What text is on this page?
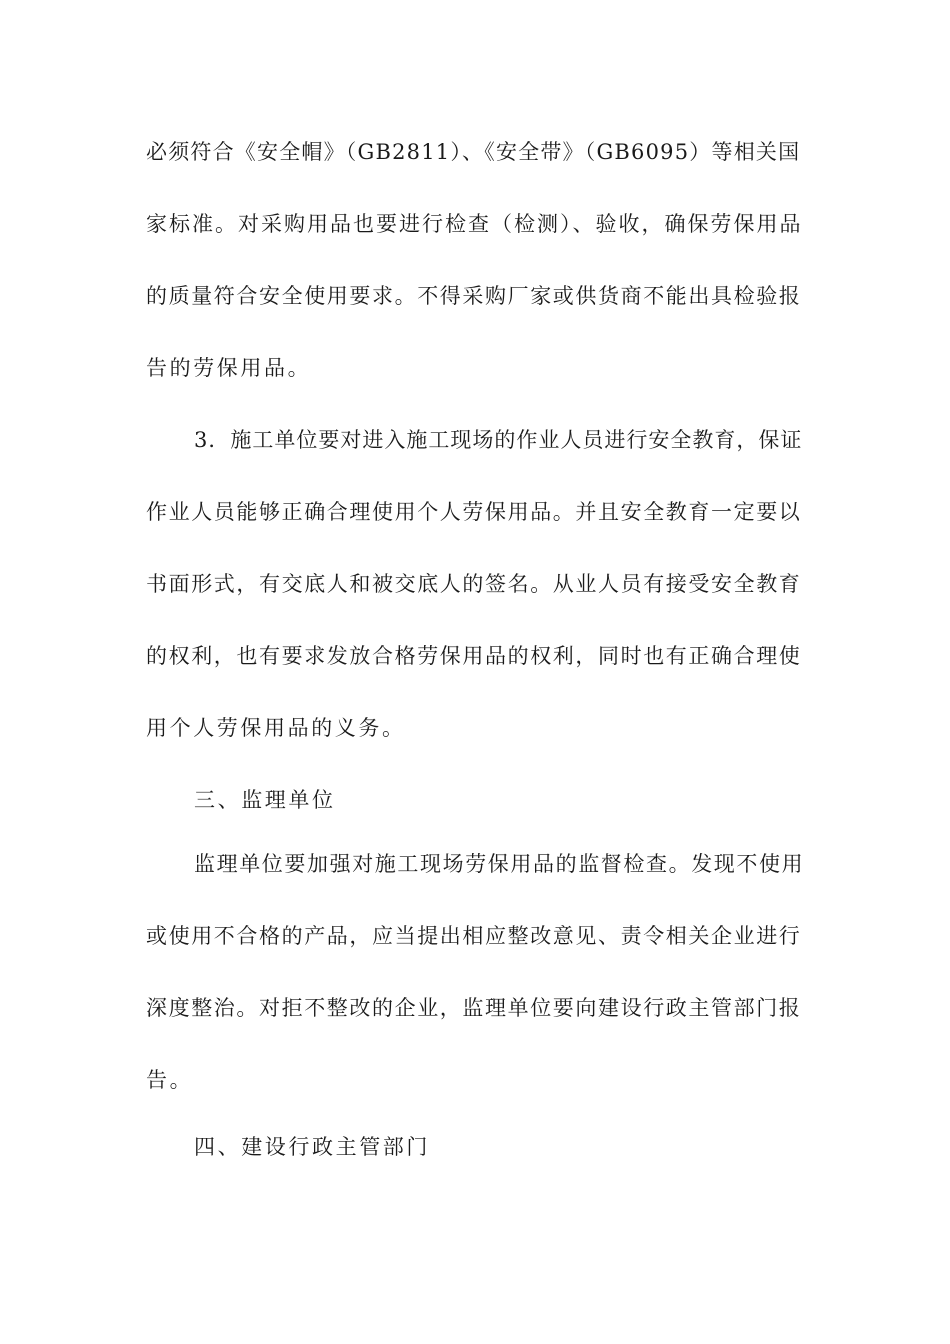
必须符合《安全帽》（GB2811）、《安全带》（GB6095）等相关国
家标准。对采购用品也要进行检查（检测）、验收，确保劳保用品
的质量符合安全使用要求。不得采购厂家或供货商不能出具检验报
告的劳保用品。
3．施工单位要对进入施工现场的作业人员进行安全教育，保证
作业人员能够正确合理使用个人劳保用品。并且安全教育一定要以
书面形式，有交底人和被交底人的签名。从业人员有接受安全教育
的权利，也有要求发放合格劳保用品的权利，同时也有正确合理使
用个人劳保用品的义务。
三、监理单位
监理单位要加强对施工现场劳保用品的监督检查。发现不使用
或使用不合格的产品，应当提出相应整改意见、责令相关企业进行
深度整治。对拒不整改的企业，监理单位要向建设行政主管部门报
告。
四、建设行政主管部门
